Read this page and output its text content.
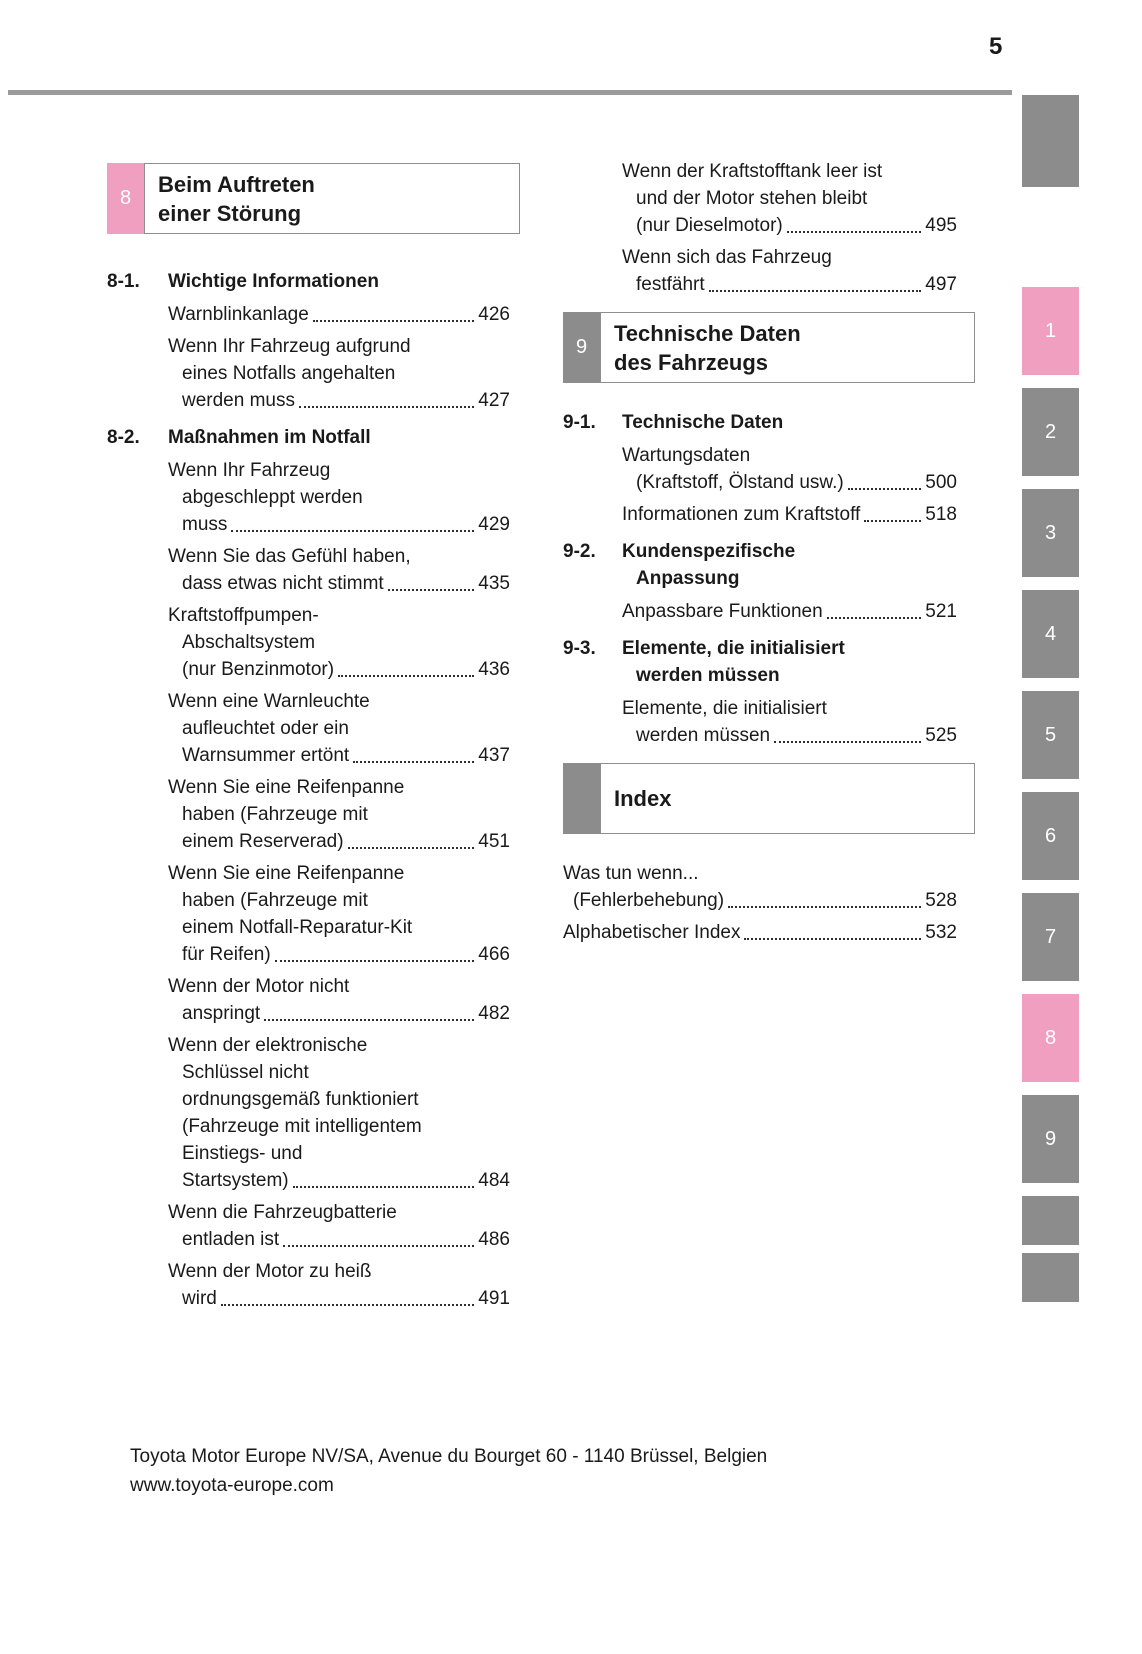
5
1
2
3
4
5
6
7
8
9
8
Beim Auftreten
einer Störung
8-1.	Wichtige Informationen
Warnblinkanlage	426
Wenn Ihr Fahrzeug aufgrund
eines Notfalls angehalten
werden muss	427
8-2.	Maßnahmen im Notfall
Wenn Ihr Fahrzeug
abgeschleppt werden
muss	429
Wenn Sie das Gefühl haben,
dass etwas nicht stimmt	435
Kraftstoffpumpen-
Abschaltsystem
(nur Benzinmotor)	436
Wenn eine Warnleuchte
aufleuchtet oder ein
Warnsummer ertönt	437
Wenn Sie eine Reifenpanne
haben (Fahrzeuge mit
einem Reserverad)	451
Wenn Sie eine Reifenpanne
haben (Fahrzeuge mit
einem Notfall-Reparatur-Kit
für Reifen)	466
Wenn der Motor nicht
anspringt	482
Wenn der elektronische
Schlüssel nicht
ordnungsgemäß funktioniert
(Fahrzeuge mit intelligentem
Einstiegs- und
Startsystem)	484
Wenn die Fahrzeugbatterie
entladen ist	486
Wenn der Motor zu heiß
wird	491
Wenn der Kraftstofftank leer ist
und der Motor stehen bleibt
(nur Dieselmotor)	495
Wenn sich das Fahrzeug
festfährt	497
9
Technische Daten
des Fahrzeugs
9-1.	Technische Daten
Wartungsdaten
(Kraftstoff, Ölstand usw.)	500
Informationen zum Kraftstoff	518
9-2.	Kundenspezifische
Anpassung
Anpassbare Funktionen	521
9-3.	Elemente, die initialisiert
werden müssen
Elemente, die initialisiert
werden müssen	525
Index
Was tun wenn...
(Fehlerbehebung)	528
Alphabetischer Index	532
Toyota Motor Europe NV/SA, Avenue du Bourget 60 - 1140 Brüssel, Belgien
www.toyota-europe.com
